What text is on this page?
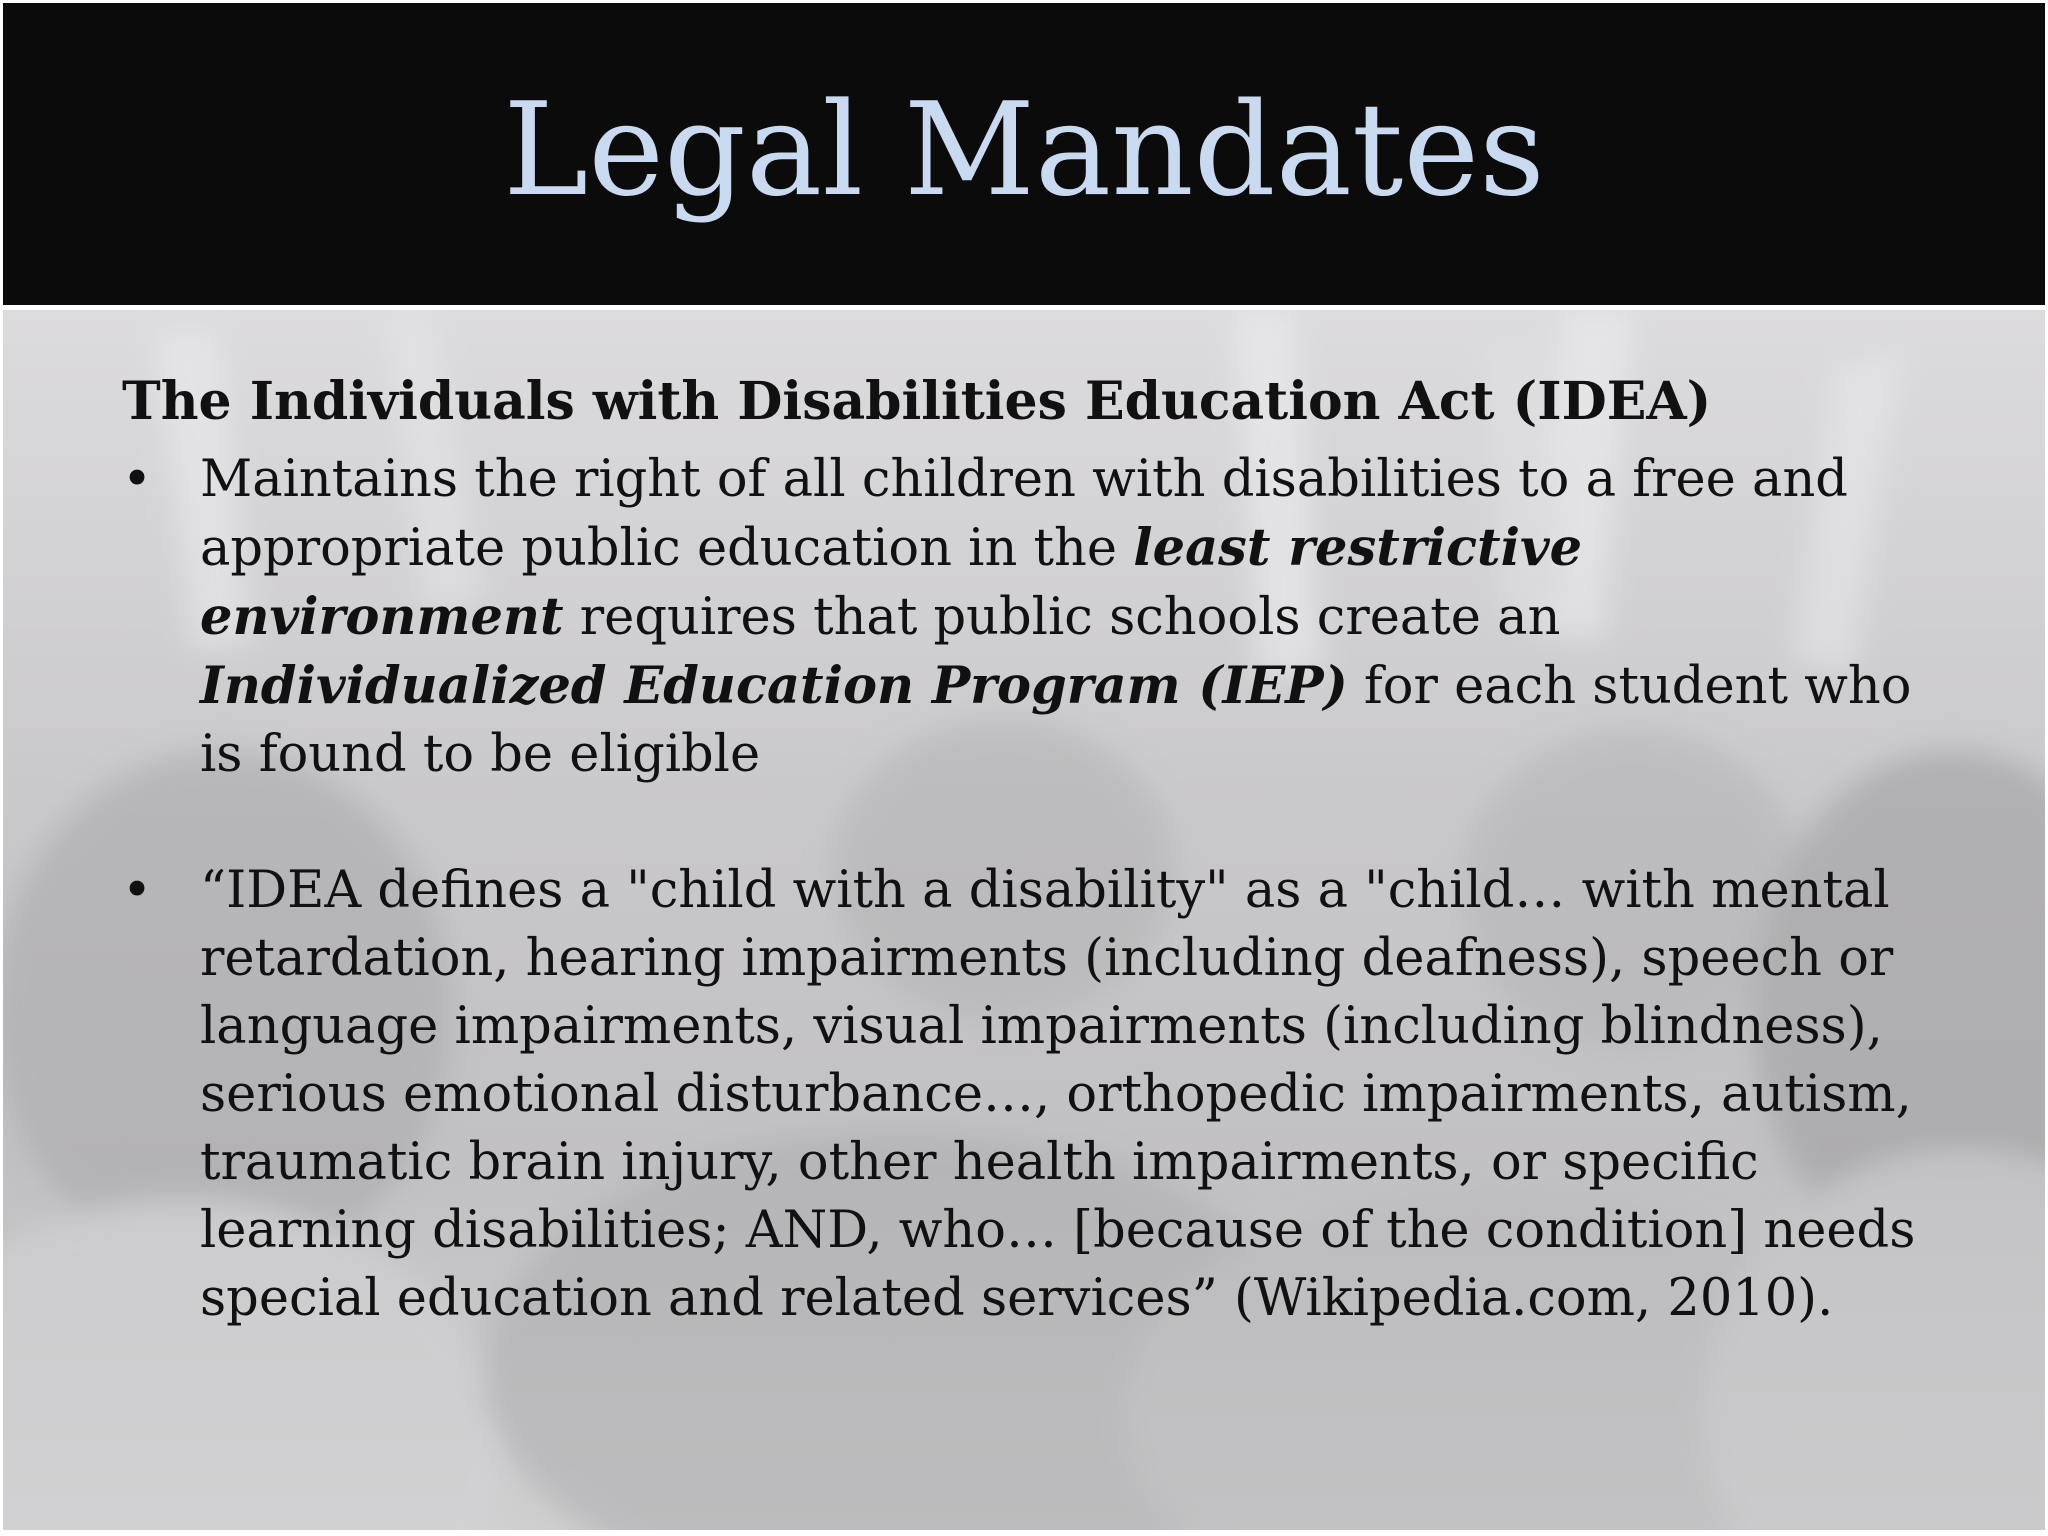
Legal Mandates

The Individuals with Disabilities Education Act (IDEA)

• Maintains the right of all children with disabilities to a free and appropriate public education in the least restrictive environment requires that public schools create an Individualized Education Program (IEP) for each student who is found to be eligible
• “IDEA defines a "child with a disability" as a "child… with mental retardation, hearing impairments (including deafness), speech or language impairments, visual impairments (including blindness), serious emotional disturbance…, orthopedic impairments, autism, traumatic brain injury, other health impairments, or specific learning disabilities; AND, who… [because of the condition] needs special education and related services” (Wikipedia.com, 2010).
